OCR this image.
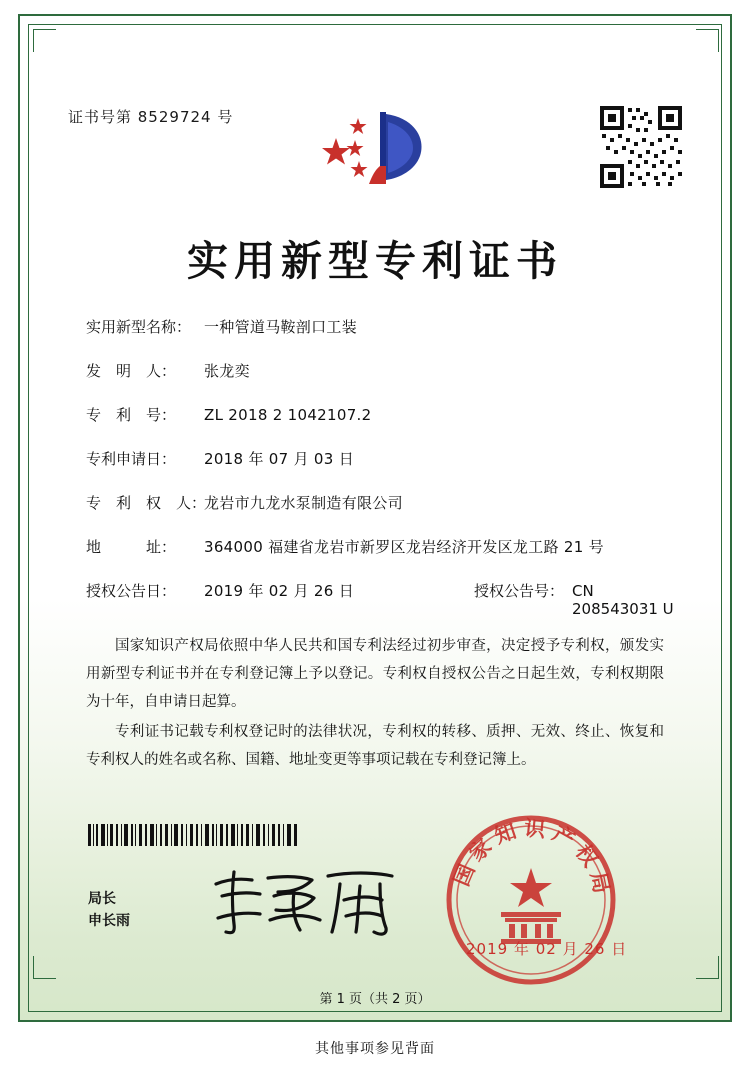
证书号第 8529724 号
实用新型专利证书
实用新型名称： 一种管道马鞍剖口工装
发　明　人：	张龙奕
专　利　号：	ZL 2018 2 1042107.2
专利申请日：	2018 年 07 月 03 日
专　利　权　人：
龙岩市九龙水泵制造有限公司
地　　　址：	364000 福建省龙岩市新罗区龙岩经济开发区龙工路 21 号
授权公告日：	2019 年 02 月 26 日	授权公告号： CN 208543031 U

国家知识产权局依照中华人民共和国专利法经过初步审查，决定授予专利权，颁发实用新型专利证书并在专利登记簿上予以登记。专利权自授权公告之日起生效，专利权期限为十年，自申请日起算。

专利证书记载专利权登记时的法律状况，专利权的转移、质押、无效、终止、恢复和专利权人的姓名或名称、国籍、地址变更等事项记载在专利登记簿上。

局长
申长雨
国家知识产权局
2019 年 02 月 26 日
第 1 页（共 2 页）
其他事项参见背面
